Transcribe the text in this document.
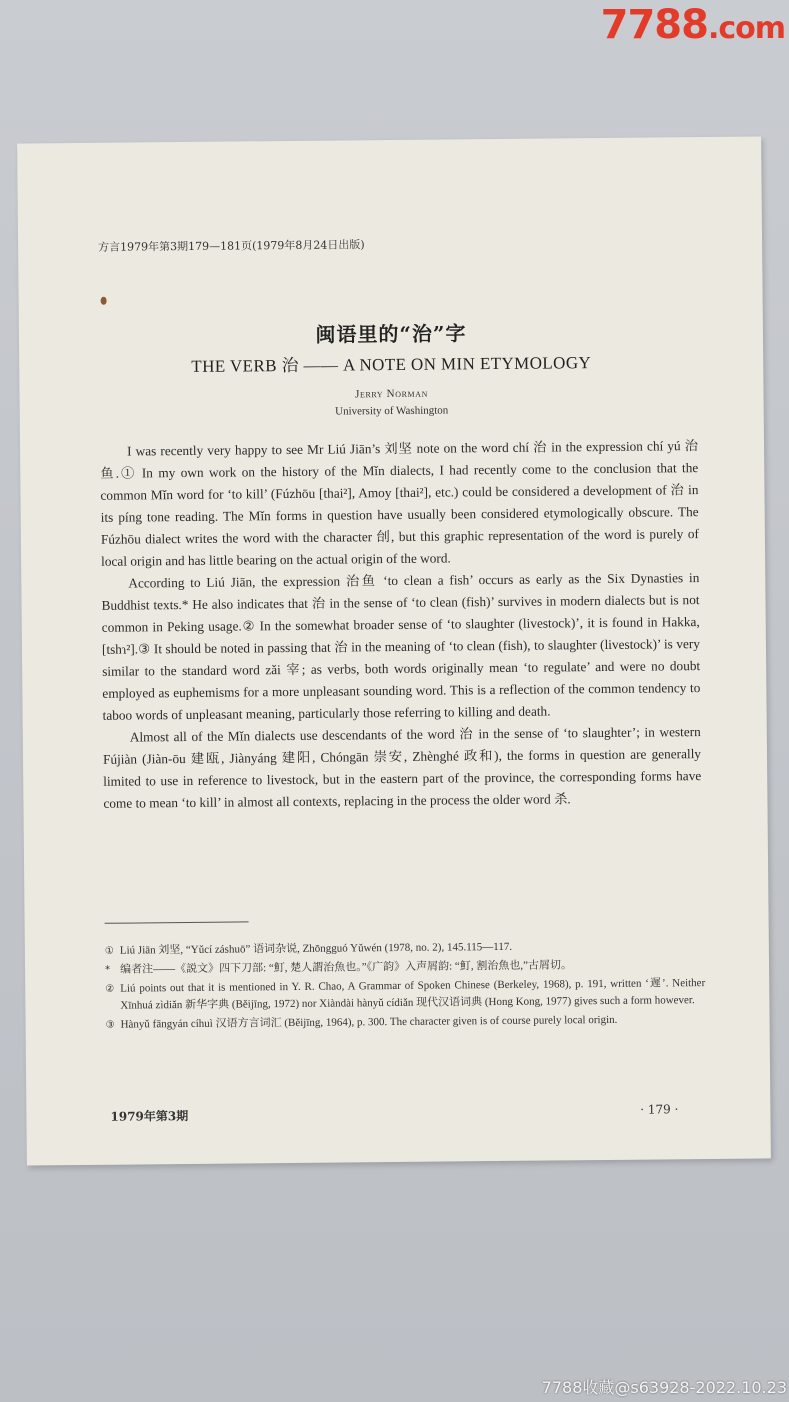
7788.com
方言1979年第3期179—181页(1979年8月24日出版)
闽语里的“治”字
THE VERB 治 —— A NOTE ON MIN ETYMOLOGY
Jerry Norman
University of Washington

I was recently very happy to see Mr Liú Jiān’s 刘坚 note on the word chí 治 in the expression chí yú 治鱼.① In my own work on the history of the Mǐn dialects, I had recently come to the conclusion that the common Mǐn word for ‘to kill’ (Fúzhōu [thai²], Amoy [thai²], etc.) could be considered a development of 治 in its píng tone reading. The Mǐn forms in question have usually been considered etymologically obscure. The Fúzhōu dialect writes the word with the character 刣, but this graphic representation of the word is purely of local origin and has little bearing on the actual origin of the word.

According to Liú Jiān, the expression 治鱼 ‘to clean a fish’ occurs as early as the Six Dynasties in Buddhist texts.* He also indicates that 治 in the sense of ‘to clean (fish)’ survives in modern dialects but is not common in Peking usage.② In the somewhat broader sense of ‘to slaughter (livestock)’, it is found in Hakka, [tshɿ²].③ It should be noted in passing that 治 in the meaning of ‘to clean (fish), to slaughter (livestock)’ is very similar to the standard word zǎi 宰; as verbs, both words originally mean ‘to regulate’ and were no doubt employed as euphemisms for a more unpleasant sounding word. This is a reflection of the common tendency to taboo words of unpleasant meaning, particularly those referring to killing and death.

Almost all of the Mǐn dialects use descendants of the word 治 in the sense of ‘to slaughter’; in western Fújiàn (Jiàn-ōu 建瓯, Jiànyáng 建阳, Chóngān 崇安, Zhènghé 政和), the forms in question are generally limited to use in reference to livestock, but in the eastern part of the province, the corresponding forms have come to mean ‘to kill’ in almost all contexts, replacing in the process the older word 杀.

① Liú Jiān 刘坚, “Yǔcí záshuō” 语词杂说, Zhōngguó Yǔwén (1978, no. 2), 145.115—117.
* 编者注——《説文》四下刀部: “䰳, 楚人謂治魚也。”《广韵》入声屑韵: “䰳, 割治魚也,”古屑切。
② Liú points out that it is mentioned in Y. R. Chao, A Grammar of Spoken Chinese (Berkeley, 1968), p. 191, written ‘遲’. Neither Xīnhuá zìdiǎn 新华字典 (Běijīng, 1972) nor Xiàndài hànyǔ cídiǎn 现代汉语词典 (Hong Kong, 1977) gives such a form however.
③ Hànyǔ fāngyán cíhuì 汉语方言词汇 (Běijīng, 1964), p. 300. The character given is of course purely local origin.
1979年第3期	· 179 ·
7788收藏@s63928-2022.10.23
